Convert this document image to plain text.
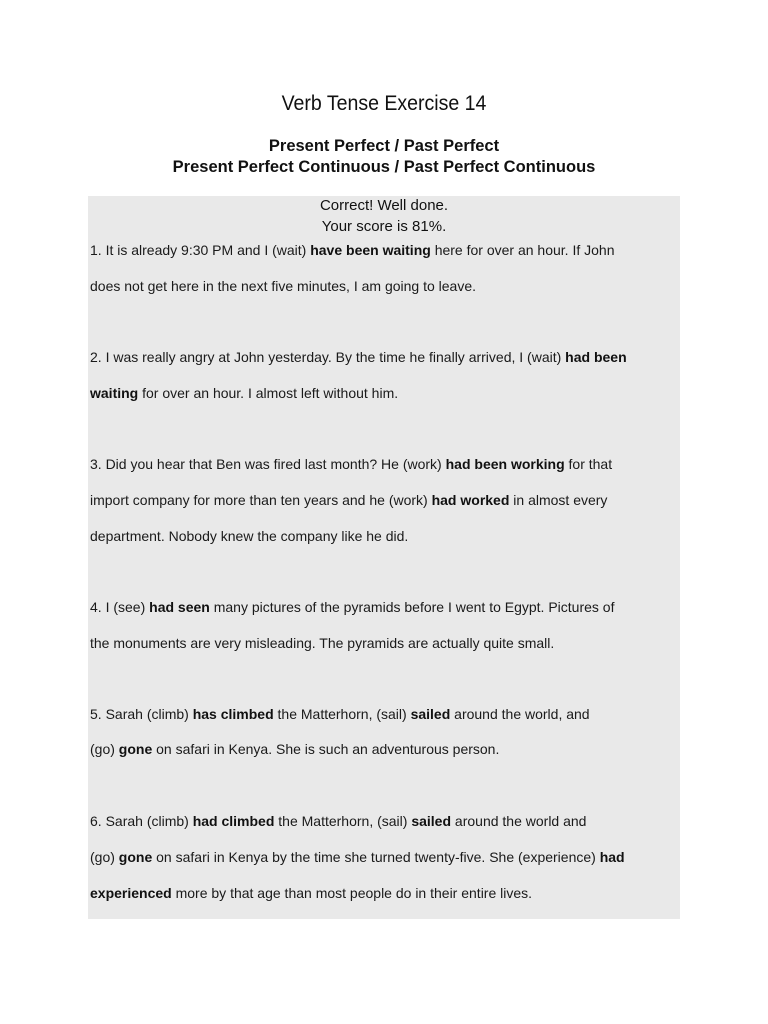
Verb Tense Exercise 14
Present Perfect / Past Perfect
Present Perfect Continuous / Past Perfect Continuous
Correct! Well done.
Your score is 81%.
1. It is already 9:30 PM and I (wait) have been waiting here for over an hour. If John
does not get here in the next five minutes, I am going to leave.
2. I was really angry at John yesterday. By the time he finally arrived, I (wait) had been
waiting for over an hour. I almost left without him.
3. Did you hear that Ben was fired last month? He (work) had been working for that
import company for more than ten years and he (work) had worked in almost every
department. Nobody knew the company like he did.
4. I (see) had seen many pictures of the pyramids before I went to Egypt. Pictures of
the monuments are very misleading. The pyramids are actually quite small.
5. Sarah (climb) has climbed the Matterhorn, (sail) sailed around the world, and
(go) gone on safari in Kenya. She is such an adventurous person.
6. Sarah (climb) had climbed the Matterhorn, (sail) sailed around the world and
(go) gone on safari in Kenya by the time she turned twenty-five. She (experience) had
experienced more by that age than most people do in their entire lives.
